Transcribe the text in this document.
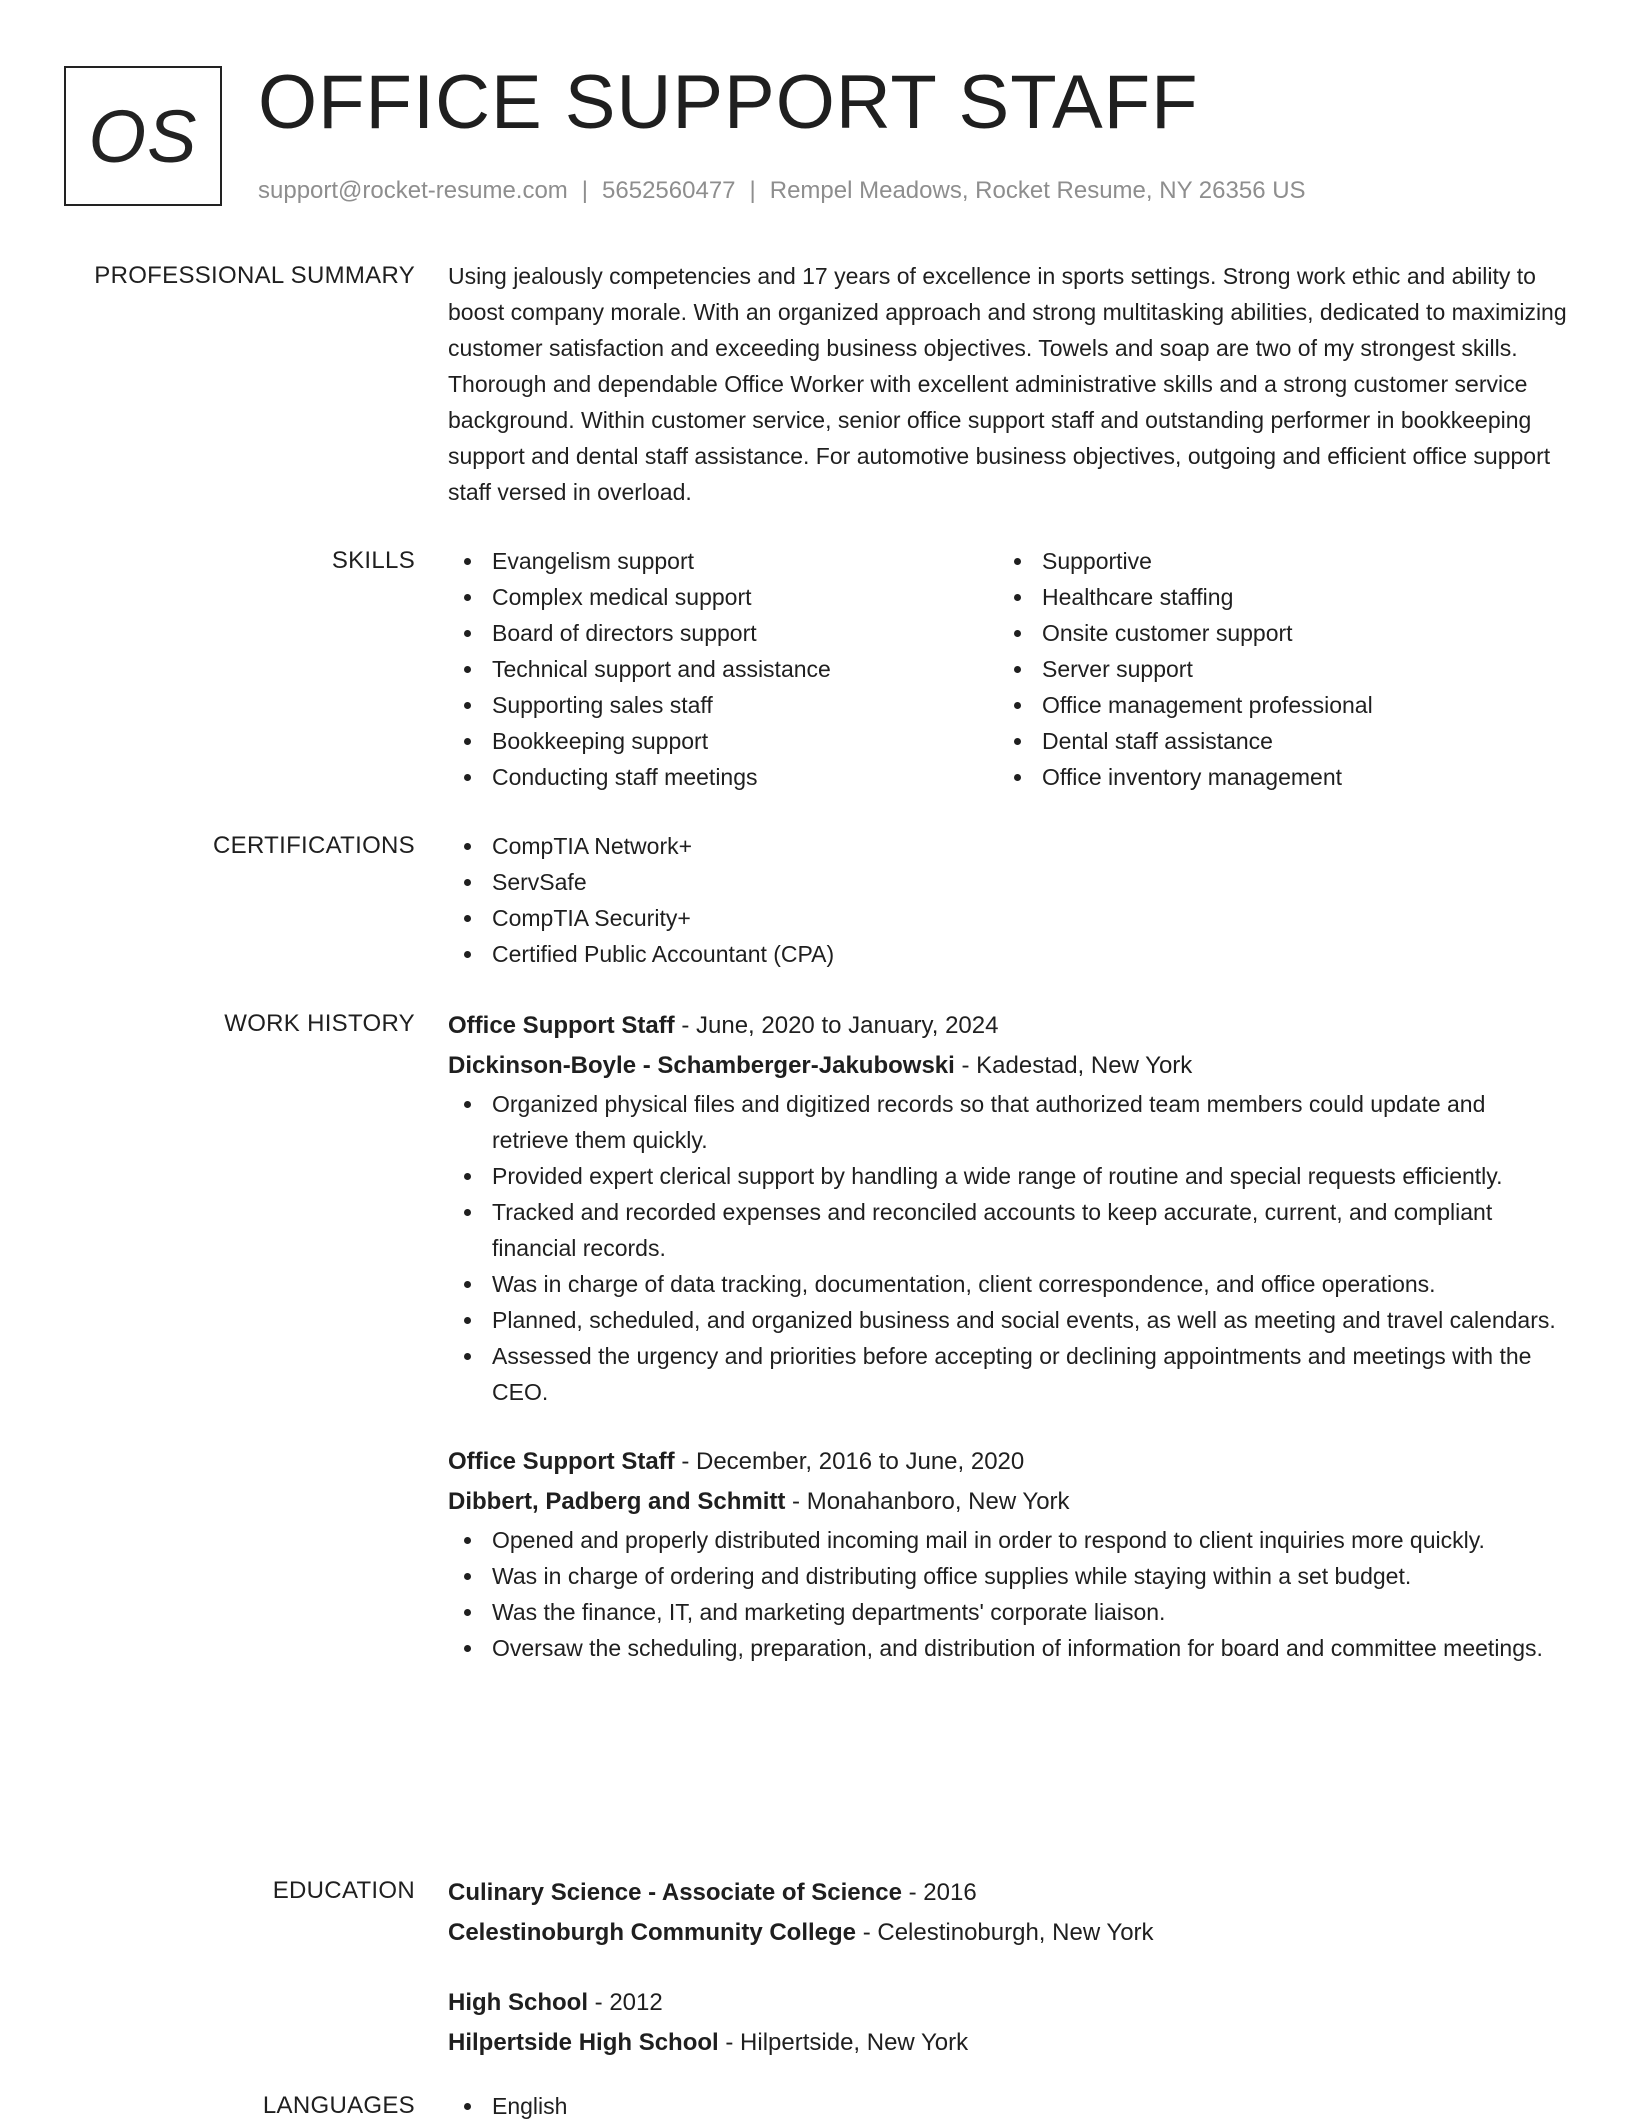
OS OFFICE SUPPORT STAFF
support@rocket-resume.com | 5652560477 | Rempel Meadows, Rocket Resume, NY 26356 US
PROFESSIONAL SUMMARY Using jealously competencies and 17 years of excellence in sports settings. Strong work ethic and ability to boost company morale. With an organized approach and strong multitasking abilities, dedicated to maximizing customer satisfaction and exceeding business objectives. Towels and soap are two of my strongest skills. Thorough and dependable Office Worker with excellent administrative skills and a strong customer service background. Within customer service, senior office support staff and outstanding performer in bookkeeping support and dental staff assistance. For automotive business objectives, outgoing and efficient office support staff versed in overload.

SKILLS	Evangelism support
Complex medical support
Board of directors support
Technical support and assistance
Supporting sales staff
Bookkeeping support
Conducting staff meetings
Supportive
Healthcare staffing
Onsite customer support
Server support
Office management professional
Dental staff assistance
Office inventory management
CERTIFICATIONS	CompTIA Network+
ServSafe
CompTIA Security+
Certified Public Accountant (CPA)
WORK HISTORY Office Support Staff - June, 2020 to January, 2024
Dickinson-Boyle - Schamberger-Jakubowski - Kadestad, New York
Organized physical files and digitized records so that authorized team members could update and retrieve them quickly.
Provided expert clerical support by handling a wide range of routine and special requests efficiently.
Tracked and recorded expenses and reconciled accounts to keep accurate, current, and compliant financial records.
Was in charge of data tracking, documentation, client correspondence, and office operations.
Planned, scheduled, and organized business and social events, as well as meeting and travel calendars.
Assessed the urgency and priorities before accepting or declining appointments and meetings with the CEO.
Office Support Staff - December, 2016 to June, 2020
Dibbert, Padberg and Schmitt - Monahanboro, New York
Opened and properly distributed incoming mail in order to respond to client inquiries more quickly.
Was in charge of ordering and distributing office supplies while staying within a set budget.
Was the finance, IT, and marketing departments' corporate liaison.
Oversaw the scheduling, preparation, and distribution of information for board and committee meetings.
EDUCATION Culinary Science - Associate of Science - 2016
Celestinoburgh Community College - Celestinoburgh, New York
High School - 2012
Hilpertside High School - Hilpertside, New York
LANGUAGES	English
